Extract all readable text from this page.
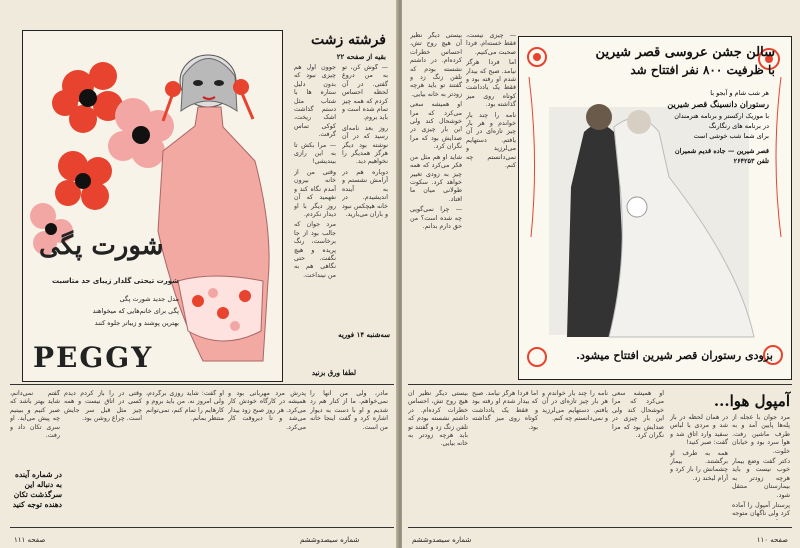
شورت پگی
شورت تیحتی گلدار زیبای حد متاسبت
مدل جدید شورت پگی
پگی برای خانم‌هایی که میخواهند
بهترین پوشند و زیباتر جلوه کنند
PEGGY
فرشته زشت
بقیه از صفحه ۲۲

جوون اول هم چیزی نبود که بدون دلیل ستاره ها با شتاب مثل دستم گذاشت اشک ریخت، کوکی تماس گرفت.

— مرا بکش تا به این رازی بیندیشی!

وقتی من از خانه بیرون آمدم نگاه کند و نفهمید که آن روز دیگر با او دیدار نکردم.

مرد جوان که جالب بود از جا برخاست، رنگ پریده و هیچ نگفت. حتی نگاهی هم به من نینداخت.

— گوش کن، تو به من دروغ گفتی. در آن لحظه احساس کردم که همه چیز تمام شده است و باید بروم.

روز بعد نامه‌ای رسید که در آن نوشته بود دیگر هرگز همدیگر را نخواهیم دید.

دوباره هم در آرامش نشستم و به آینده اندیشیدم. در خانه هیچکس نبود و باران می‌بارید.

سه‌شنبه ۱۴ فوریه
لطفا ورق بزنید

مادر، ولی من آنها را نمی‌خواهم. ما از کنار هم رد شدیم و او با دست به دیوار اشاره کرد و گفت اینجا خانه من است.

پدرش مرد مهربانی بود و همیشه در کارگاه خودش کار می‌کرد. هر روز صبح زود بیدار می‌شد و تا دیروقت کار می‌کرد.

او گفت: شاید روزی برگردم، ولی امروز نه. من باید بروم و کارهایم را تمام کنم، نمی‌توانم منتظر بمانم.

وقتی در را باز کردم دیدم کسی در اتاق نیست و همه چیز مثل قبل سر جایش است. چراغ روشن بود.

گفتم نمی‌دانم، شاید بهتر باشد که صبر کنیم و ببینیم چه پیش می‌آید. او سری تکان داد و رفت.

در شماره آینده به دنباله این سرگذشت تکان دهنده توجه کنید
صفحه ۱۱۱	شماره سیصدوششم

بیستی دیگر نظیر آن هیچ روح تش، احساس خطرات کرده‌ام. در داشتم نشسته بودم که تلفن زنگ زد و گفتند تو باید هرچه زودتر به خانه بیایی.

او همیشه سعی می‌کرد که مرا خوشحال کند ولی این بار چیزی در صدایش بود که مرا نگران کرد.

شاید او هم مثل من فکر می‌کرد که همه چیز به زودی تغییر خواهد کرد. سکوت طولانی میان ما افتاد.

— چرا نمی‌گویی چه شده است؟ من حق دارم بدانم.

— چیزی نیست، فقط خسته‌ام. فردا صحبت می‌کنیم.

اما فردا هرگز نیامد. صبح که بیدار شدم او رفته بود و فقط یک یادداشت کوتاه روی میز گذاشته بود.

نامه را چند بار خواندم و هر بار چیز تازه‌ای در آن یافتم. دستهایم می‌لرزید و نمی‌دانستم چه کنم.

سالن جشن عروسی قصر شیرین
با ظرفیت ۸۰۰ نفر افتتاح شد
هر شب شام و آبجو با
رستوران دانسینگ قصر شیرین
با موزیک ارکستر و برنامه هنرمندان
در برنامه های رنگارنگ
برای شما شب خوشی است
قصر شیرین — جاده قدیم شمیران
تلفن ۲۶۴۲۵۳
بزودی رستوران قصر شیرین افتتاح میشود.

بیستی دیگر نظیر آن هیچ روح تش، احساس خطرات کرده‌ام. در داشتم نشسته بودم که تلفن زنگ زد و گفتند تو باید هرچه زودتر به خانه بیایی.

اما فردا هرگز نیامد. صبح که بیدار شدم او رفته بود و فقط یک یادداشت کوتاه روی میز گذاشته بود.

نامه را چند بار خواندم و هر بار چیز تازه‌ای در آن یافتم. دستهایم می‌لرزید و نمی‌دانستم چه کنم.

او همیشه سعی می‌کرد که مرا خوشحال کند ولی این بار چیزی در صدایش بود که مرا نگران کرد.

آمپول هوا...

مرد جوان با عجله از پله‌ها پایین آمد و به طرف ماشین رفت. هوا سرد بود و خیابان خلوت.

دکتر گفت وضع بیمار خوب نیست و باید هرچه زودتر به بیمارستان منتقل شود.

پرستار آمپول را آماده کرد ولی ناگهان متوجه

در همان لحظه در باز شد و مردی با لباس سفید وارد اتاق شد و گفت: صبر کنید!

همه به طرف او برگشتند. بیمار چشمانش را باز کرد و آرام لبخند زد.

شماره سیصدوششم	صفحه ۱۱۰
